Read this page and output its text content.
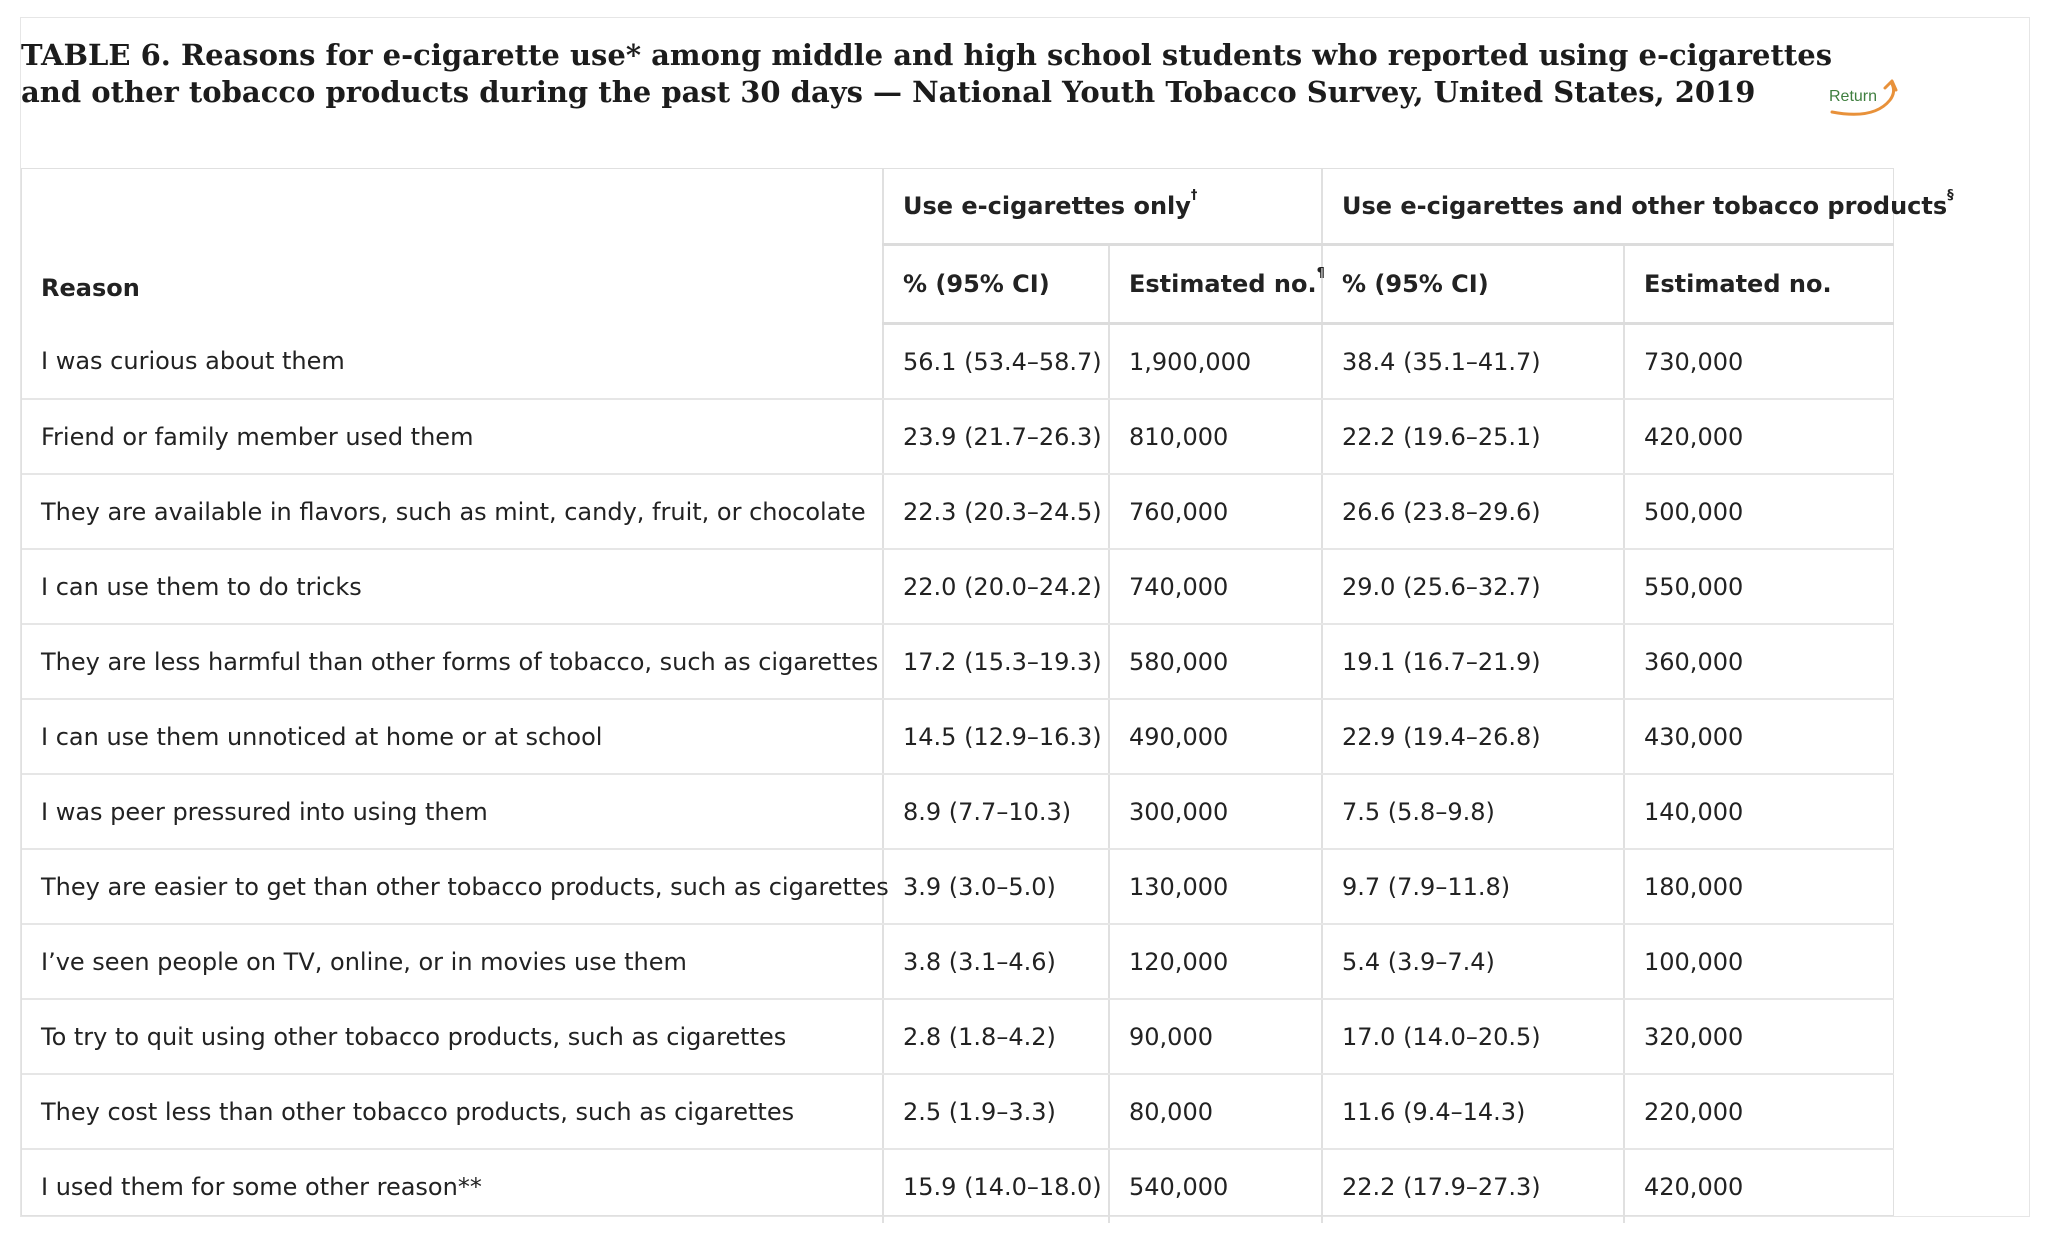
TABLE 6. Reasons for e-cigarette use* among middle and high school students who reported using e-cigarettes and other tobacco products during the past 30 days — National Youth Tobacco Survey, United States, 2019	Return
Reason	Use e-cigarettes only†		Use e-cigarettes and other tobacco products§
	% (95% CI)	Estimated no.¶	% (95% CI)	Estimated no.
I was curious about them	56.1 (53.4–58.7)	1,900,000	38.4 (35.1–41.7)	730,000
Friend or family member used them	23.9 (21.7–26.3)	810,000	22.2 (19.6–25.1)	420,000
They are available in flavors, such as mint, candy, fruit, or chocolate	22.3 (20.3–24.5)	760,000	26.6 (23.8–29.6)	500,000
I can use them to do tricks	22.0 (20.0–24.2)	740,000	29.0 (25.6–32.7)	550,000
They are less harmful than other forms of tobacco, such as cigarettes	17.2 (15.3–19.3)	580,000	19.1 (16.7–21.9)	360,000
I can use them unnoticed at home or at school	14.5 (12.9–16.3)	490,000	22.9 (19.4–26.8)	430,000
I was peer pressured into using them	8.9 (7.7–10.3)	300,000	7.5 (5.8–9.8)	140,000
They are easier to get than other tobacco products, such as cigarettes	3.9 (3.0–5.0)	130,000	9.7 (7.9–11.8)	180,000
I’ve seen people on TV, online, or in movies use them	3.8 (3.1–4.6)	120,000	5.4 (3.9–7.4)	100,000
To try to quit using other tobacco products, such as cigarettes	2.8 (1.8–4.2)	90,000	17.0 (14.0–20.5)	320,000
They cost less than other tobacco products, such as cigarettes	2.5 (1.9–3.3)	80,000	11.6 (9.4–14.3)	220,000
I used them for some other reason**	15.9 (14.0–18.0)	540,000	22.2 (17.9–27.3)	420,000
